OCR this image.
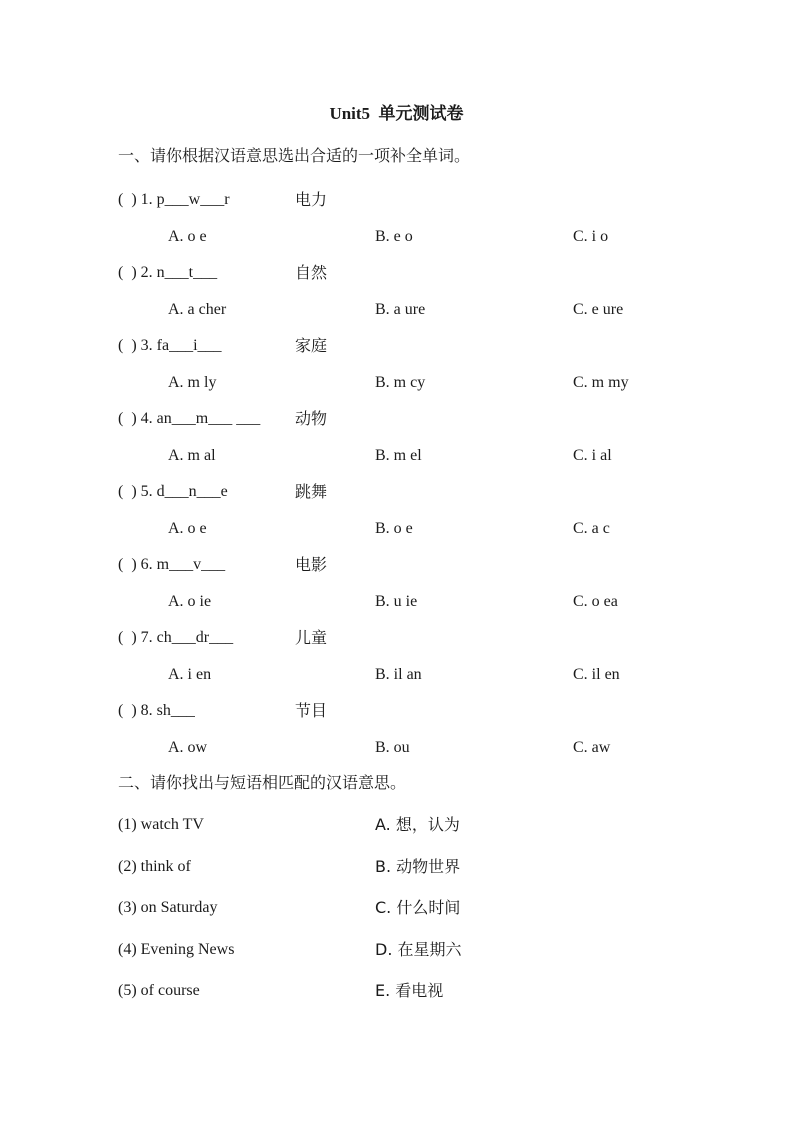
Unit5  单元测试卷
一、请你根据汉语意思选出合适的一项补全单词。
(  ) 1. p___w___r	电力
A. o e	B. e o	C. i o
(  ) 2. n___t___	自然
A. a cher	B. a ure	C. e ure
(  ) 3. fa___i___	家庭
A. m ly	B. m cy	C. m my
(  ) 4. an___m___ ___ 动物
A. m al	B. m el	C. i al
(  ) 5. d___n___e	跳舞
A. o e	B. o e	C. a c
(  ) 6. m___v___	电影
A. o ie	B. u ie	C. o ea
(  ) 7. ch___dr___	儿童
A. i en	B. il an	C. il en
(  ) 8. sh___	节目
A. ow	B. ou	C. aw
二、请你找出与短语相匹配的汉语意思。
(1) watch TV	A. 想，认为
(2) think of	B. 动物世界
(3) on Saturday	C. 什么时间
(4) Evening News	D. 在星期六
(5) of course	E. 看电视
